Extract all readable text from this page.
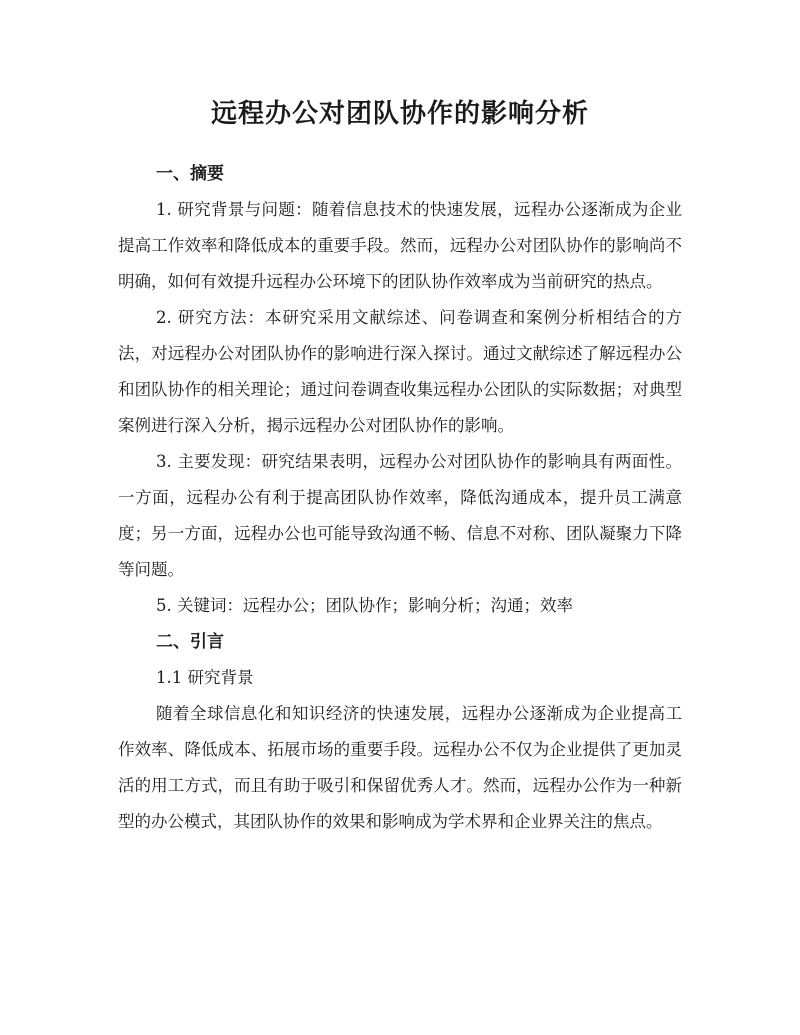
远程办公对团队协作的影响分析
一、摘要

1. 研究背景与问题：随着信息技术的快速发展，远程办公逐渐成为企业提高工作效率和降低成本的重要手段。然而，远程办公对团队协作的影响尚不明确，如何有效提升远程办公环境下的团队协作效率成为当前研究的热点。

2. 研究方法：本研究采用文献综述、问卷调查和案例分析相结合的方法，对远程办公对团队协作的影响进行深入探讨。通过文献综述了解远程办公和团队协作的相关理论；通过问卷调查收集远程办公团队的实际数据；对典型案例进行深入分析，揭示远程办公对团队协作的影响。

3. 主要发现：研究结果表明，远程办公对团队协作的影响具有两面性。一方面，远程办公有利于提高团队协作效率，降低沟通成本，提升员工满意度；另一方面，远程办公也可能导致沟通不畅、信息不对称、团队凝聚力下降等问题。

5. 关键词：远程办公；团队协作；影响分析；沟通；效率

二、引言

1.1 研究背景

随着全球信息化和知识经济的快速发展，远程办公逐渐成为企业提高工作效率、降低成本、拓展市场的重要手段。远程办公不仅为企业提供了更加灵活的用工方式，而且有助于吸引和保留优秀人才。然而，远程办公作为一种新型的办公模式，其团队协作的效果和影响成为学术界和企业界关注的焦点。
